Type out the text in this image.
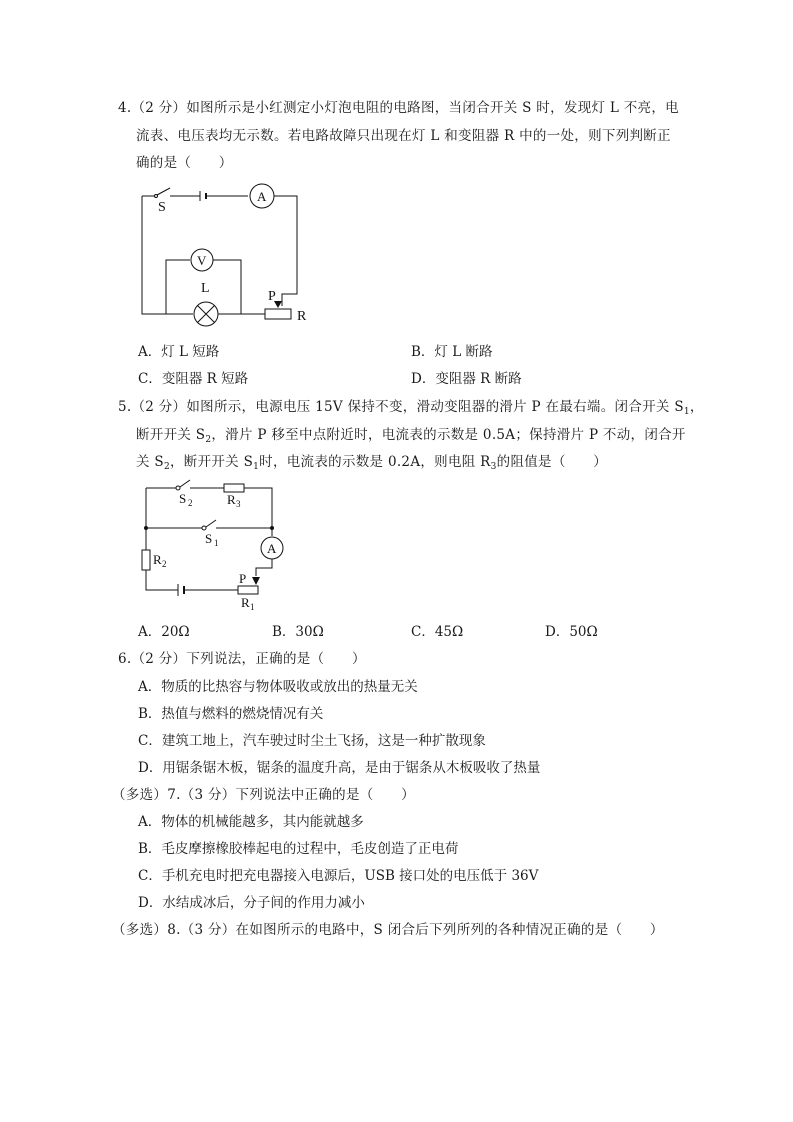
4.（2 分）如图所示是小红测定小灯泡电阻的电路图，当闭合开关 S 时，发现灯 L 不亮，电
流表、电压表均无示数。若电路故障只出现在灯 L 和变阻器 R 中的一处，则下列判断正
确的是（　　）
S
A
V
L
P
R
A．灯 L 短路	B．灯 L 断路
C．变阻器 R 短路	D．变阻器 R 断路
5.（2 分）如图所示，电源电压 15V 保持不变，滑动变阻器的滑片 P 在最右端。闭合开关 $S_1$，
断开开关 $S_2$，滑片 P 移至中点附近时，电流表的示数是 0.5A；保持滑片 P 不动，闭合开
关 $S_2$，断开开关 $S_1$时，电流表的示数是 0.2A，则电阻 $R_3$的阻值是（　　）
S 2	R 3
S 1
R 2
A
P
R 1
A．20Ω	B．30Ω	C．45Ω	D．50Ω
6.（2 分）下列说法，正确的是（　　）
A．物质的比热容与物体吸收或放出的热量无关
B．热值与燃料的燃烧情况有关
C．建筑工地上，汽车驶过时尘土飞扬，这是一种扩散现象
D．用锯条锯木板，锯条的温度升高，是由于锯条从木板吸收了热量
（多选）7.（3 分）下列说法中正确的是（　　）
A．物体的机械能越多，其内能就越多
B．毛皮摩擦橡胶棒起电的过程中，毛皮创造了正电荷
C．手机充电时把充电器接入电源后，USB 接口处的电压低于 36V
D．水结成冰后，分子间的作用力减小
（多选）8.（3 分）在如图所示的电路中，S 闭合后下列所列的各种情况正确的是（　　）
